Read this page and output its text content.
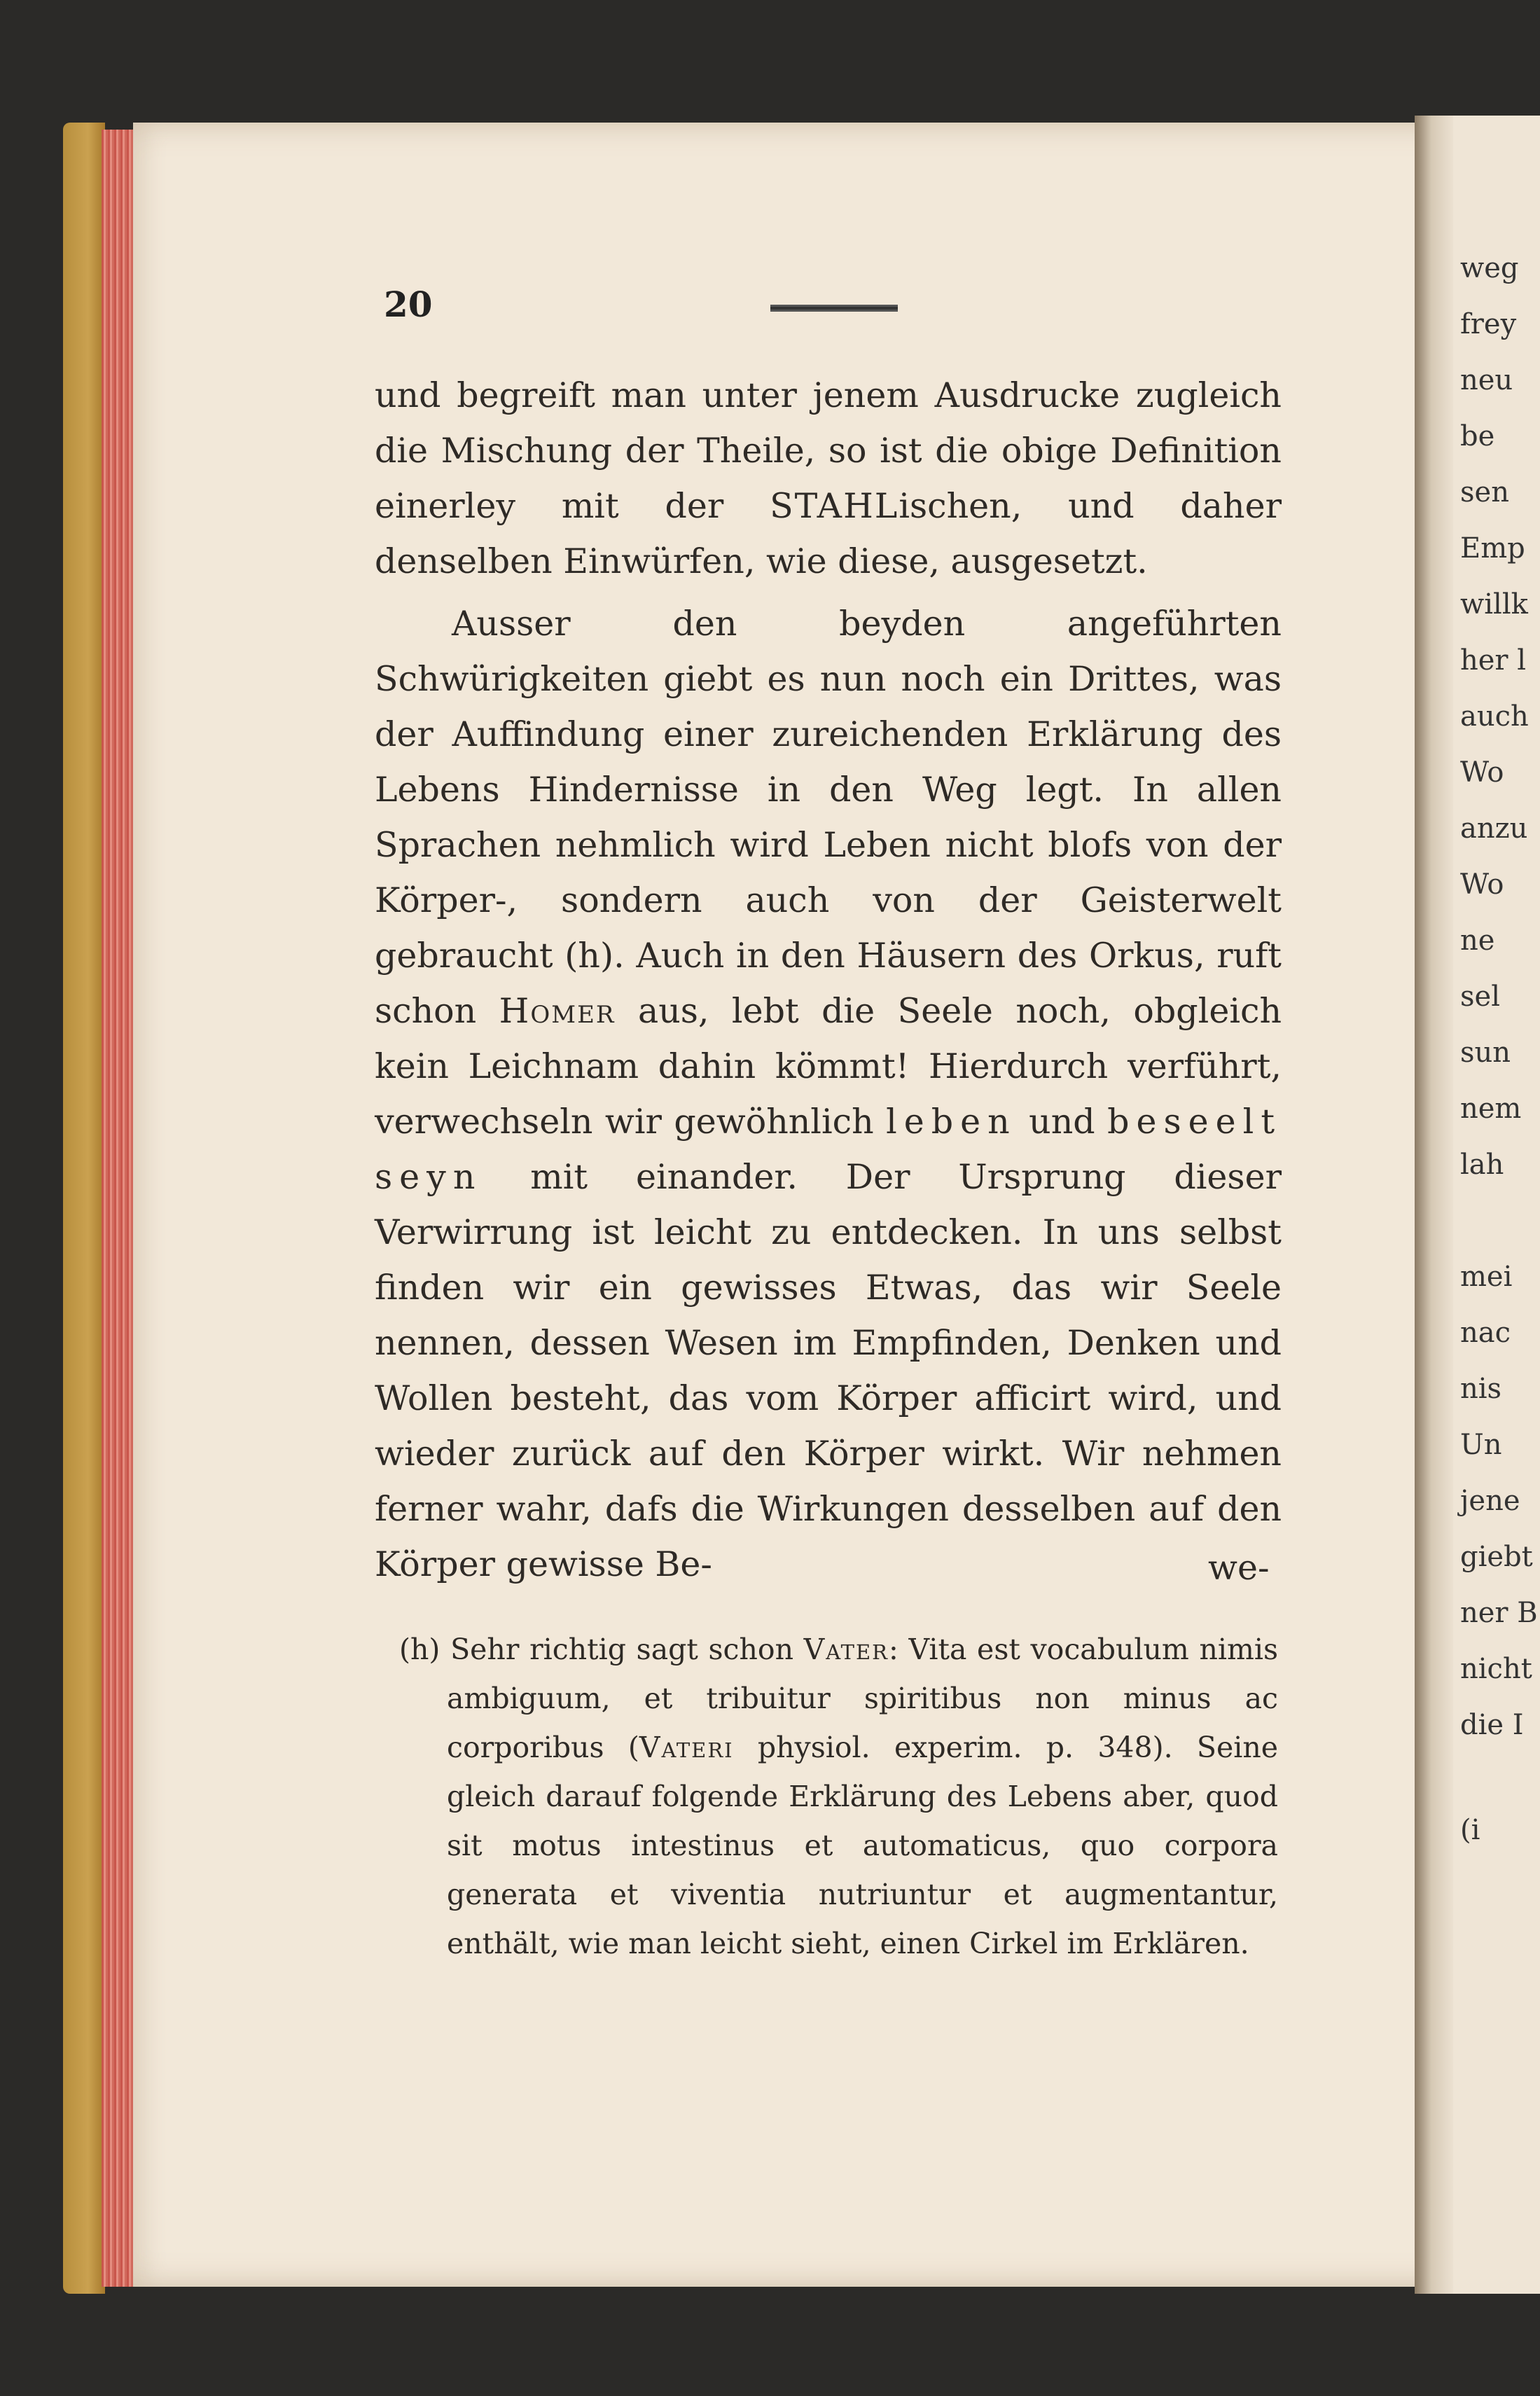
weg
frey
neu
be
sen
Emp
willk
her l
auch
Wo
anzu
Wo
ne
sel
sun
nem
lah
mei
nac
nis
Un
jene
giebt
ner B
nicht
die I
(i
20

und begreift man unter jenem Ausdrucke zugleich die Mischung der Theile, so ist die obige Definition einerley mit der STAHLischen, und daher denselben Einwürfen, wie diese, ausgesetzt.

Ausser den beyden angeführten Schwürigkeiten giebt es nun noch ein Drittes, was der Auffindung einer zureichenden Erklärung des Lebens Hindernisse in den Weg legt. In allen Sprachen nehmlich wird Leben nicht blofs von der Körper-, sondern auch von der Geisterwelt gebraucht (h). Auch in den Häusern des Orkus, ruft schon Homer aus, lebt die Seele noch, obgleich kein Leichnam dahin kömmt! Hierdurch verführt, verwechseln wir gewöhnlich leben und beseelt seyn mit einander. Der Ursprung dieser Verwirrung ist leicht zu entdecken. In uns selbst finden wir ein gewisses Etwas, das wir Seele nennen, dessen Wesen im Empfinden, Denken und Wollen besteht, das vom Körper afficirt wird, und wieder zurück auf den Körper wirkt. Wir nehmen ferner wahr, dafs die Wirkungen desselben auf den Körper gewisse Be-	we-
(h) Sehr richtig sagt schon Vater: Vita est vocabulum nimis ambiguum, et tribuitur spiritibus non minus ac corporibus (Vateri physiol. experim. p. 348). Seine gleich darauf folgende Erklärung des Lebens aber, quod sit motus intestinus et automaticus, quo corpora generata et viventia nutriuntur et augmentantur, enthält, wie man leicht sieht, einen Cirkel im Erklären.
